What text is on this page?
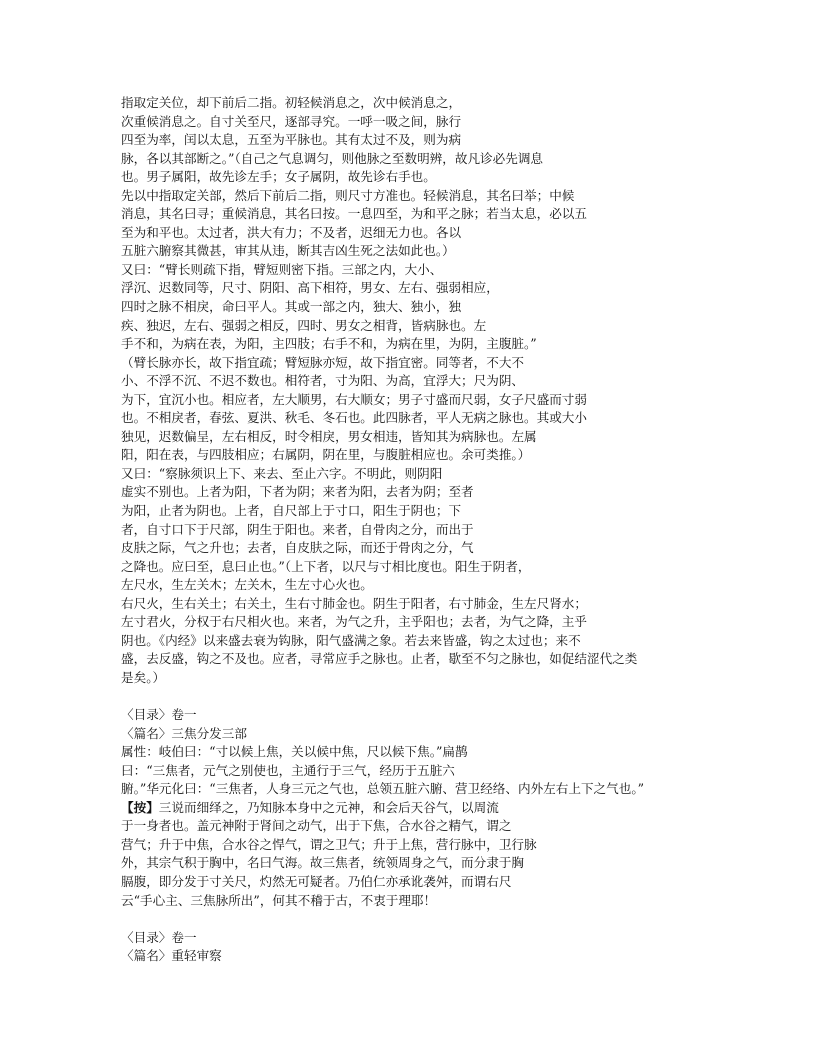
指取定关位，却下前后二指。初轻候消息之，次中候消息之，
次重候消息之。自寸关至尺，逐部寻究。一呼一吸之间，脉行
四至为率，闰以太息，五至为平脉也。其有太过不及，则为病
脉，各以其部断之。”（自己之气息调匀，则他脉之至数明辨，故凡诊必先调息
也。男子属阳，故先诊左手；女子属阴，故先诊右手也。
先以中指取定关部，然后下前后二指，则尺寸方准也。轻候消息，其名曰举；中候
消息，其名曰寻；重候消息，其名曰按。一息四至，为和平之脉；若当太息，必以五
至为和平也。太过者，洪大有力；不及者，迟细无力也。各以
五脏六腑察其微甚，审其从违，断其吉凶生死之法如此也。）
又曰：“臂长则疏下指，臂短则密下指。三部之内，大小、
浮沉、迟数同等，尺寸、阴阳、高下相符，男女、左右、强弱相应，
四时之脉不相戾，命曰平人。其或一部之内，独大、独小，独
疾、独迟，左右、强弱之相反，四时、男女之相背，皆病脉也。左
手不和，为病在表，为阳，主四肢；右手不和，为病在里，为阴，主腹脏。”
（臂长脉亦长，故下指宜疏；臂短脉亦短，故下指宜密。同等者，不大不
小、不浮不沉、不迟不数也。相符者，寸为阳、为高，宜浮大；尺为阴、
为下，宜沉小也。相应者，左大顺男，右大顺女；男子寸盛而尺弱，女子尺盛而寸弱
也。不相戾者，春弦、夏洪、秋毛、冬石也。此四脉者，平人无病之脉也。其或大小
独见，迟数偏呈，左右相反，时令相戾，男女相违，皆知其为病脉也。左属
阳，阳在表，与四肢相应；右属阴，阴在里，与腹脏相应也。余可类推。）
又曰：“察脉须识上下、来去、至止六字。不明此，则阴阳
虚实不别也。上者为阳，下者为阴；来者为阳，去者为阴；至者
为阳，止者为阴也。上者，自尺部上于寸口，阳生于阴也；下
者，自寸口下于尺部，阴生于阳也。来者，自骨肉之分，而出于
皮肤之际，气之升也；去者，自皮肤之际，而还于骨肉之分，气
之降也。应曰至，息曰止也。”（上下者，以尺与寸相比度也。阳生于阴者，
左尺水，生左关木；左关木，生左寸心火也。
右尺火，生右关土；右关土，生右寸肺金也。阴生于阳者，右寸肺金，生左尺肾水；
左寸君火，分权于右尺相火也。来者，为气之升，主乎阳也；去者，为气之降，主乎
阴也。《内经》以来盛去衰为钩脉，阳气盛满之象。若去来皆盛，钩之太过也；来不
盛，去反盛，钩之不及也。应者，寻常应手之脉也。止者，歇至不匀之脉也，如促结涩代之类
是矣。）
〈目录〉卷一
〈篇名〉三焦分发三部
属性：岐伯曰：“寸以候上焦，关以候中焦，尺以候下焦。”扁鹊
曰：“三焦者，元气之别使也，主通行于三气，经历于五脏六
腑。”华元化曰：“三焦者，人身三元之气也，总领五脏六腑、营卫经络、内外左右上下之气也。”
【按】三说而细绎之，乃知脉本身中之元神，和会后天谷气，以周流
于一身者也。盖元神附于肾间之动气，出于下焦，合水谷之精气，谓之
营气；升于中焦，合水谷之悍气，谓之卫气；升于上焦，营行脉中，卫行脉
外，其宗气积于胸中，名曰气海。故三焦者，统领周身之气，而分隶于胸
膈腹，即分发于寸关尺，灼然无可疑者。乃伯仁亦承讹袭舛，而谓右尺
云“手心主、三焦脉所出”，何其不稽于古，不衷于理耶！
〈目录〉卷一
〈篇名〉重轻审察
